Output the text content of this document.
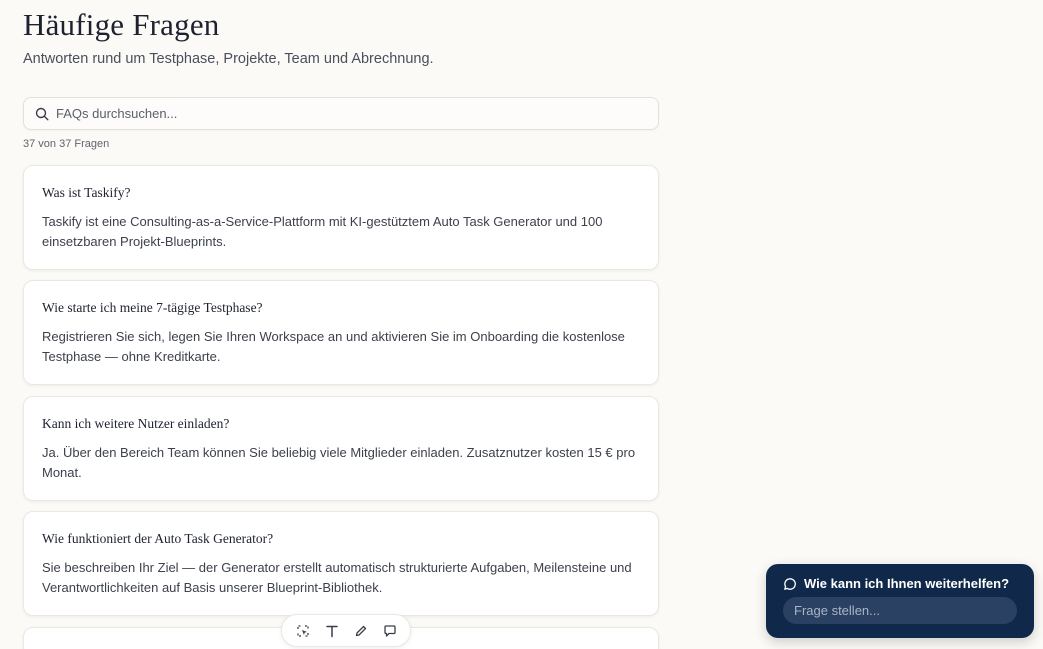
Häufige Fragen
Antworten rund um Testphase, Projekte, Team und Abrechnung.
FAQs durchsuchen...
37 von 37 Fragen
Was ist Taskify?

Taskify ist eine Consulting-as-a-Service-Plattform mit KI-gestütztem Auto Task Generator und 100 einsetzbaren Projekt-Blueprints.

Wie starte ich meine 7-tägige Testphase?

Registrieren Sie sich, legen Sie Ihren Workspace an und aktivieren Sie im Onboarding die kostenlose Testphase — ohne Kreditkarte.

Kann ich weitere Nutzer einladen?

Ja. Über den Bereich Team können Sie beliebig viele Mitglieder einladen. Zusatznutzer kosten 15 € pro Monat.

Wie funktioniert der Auto Task Generator?

Sie beschreiben Ihr Ziel — der Generator erstellt automatisch strukturierte Aufgaben, Meilensteine und Verantwortlichkeiten auf Basis unserer Blueprint-Bibliothek.	Wie kann ich Ihnen weiterhelfen?
Frage stellen...
